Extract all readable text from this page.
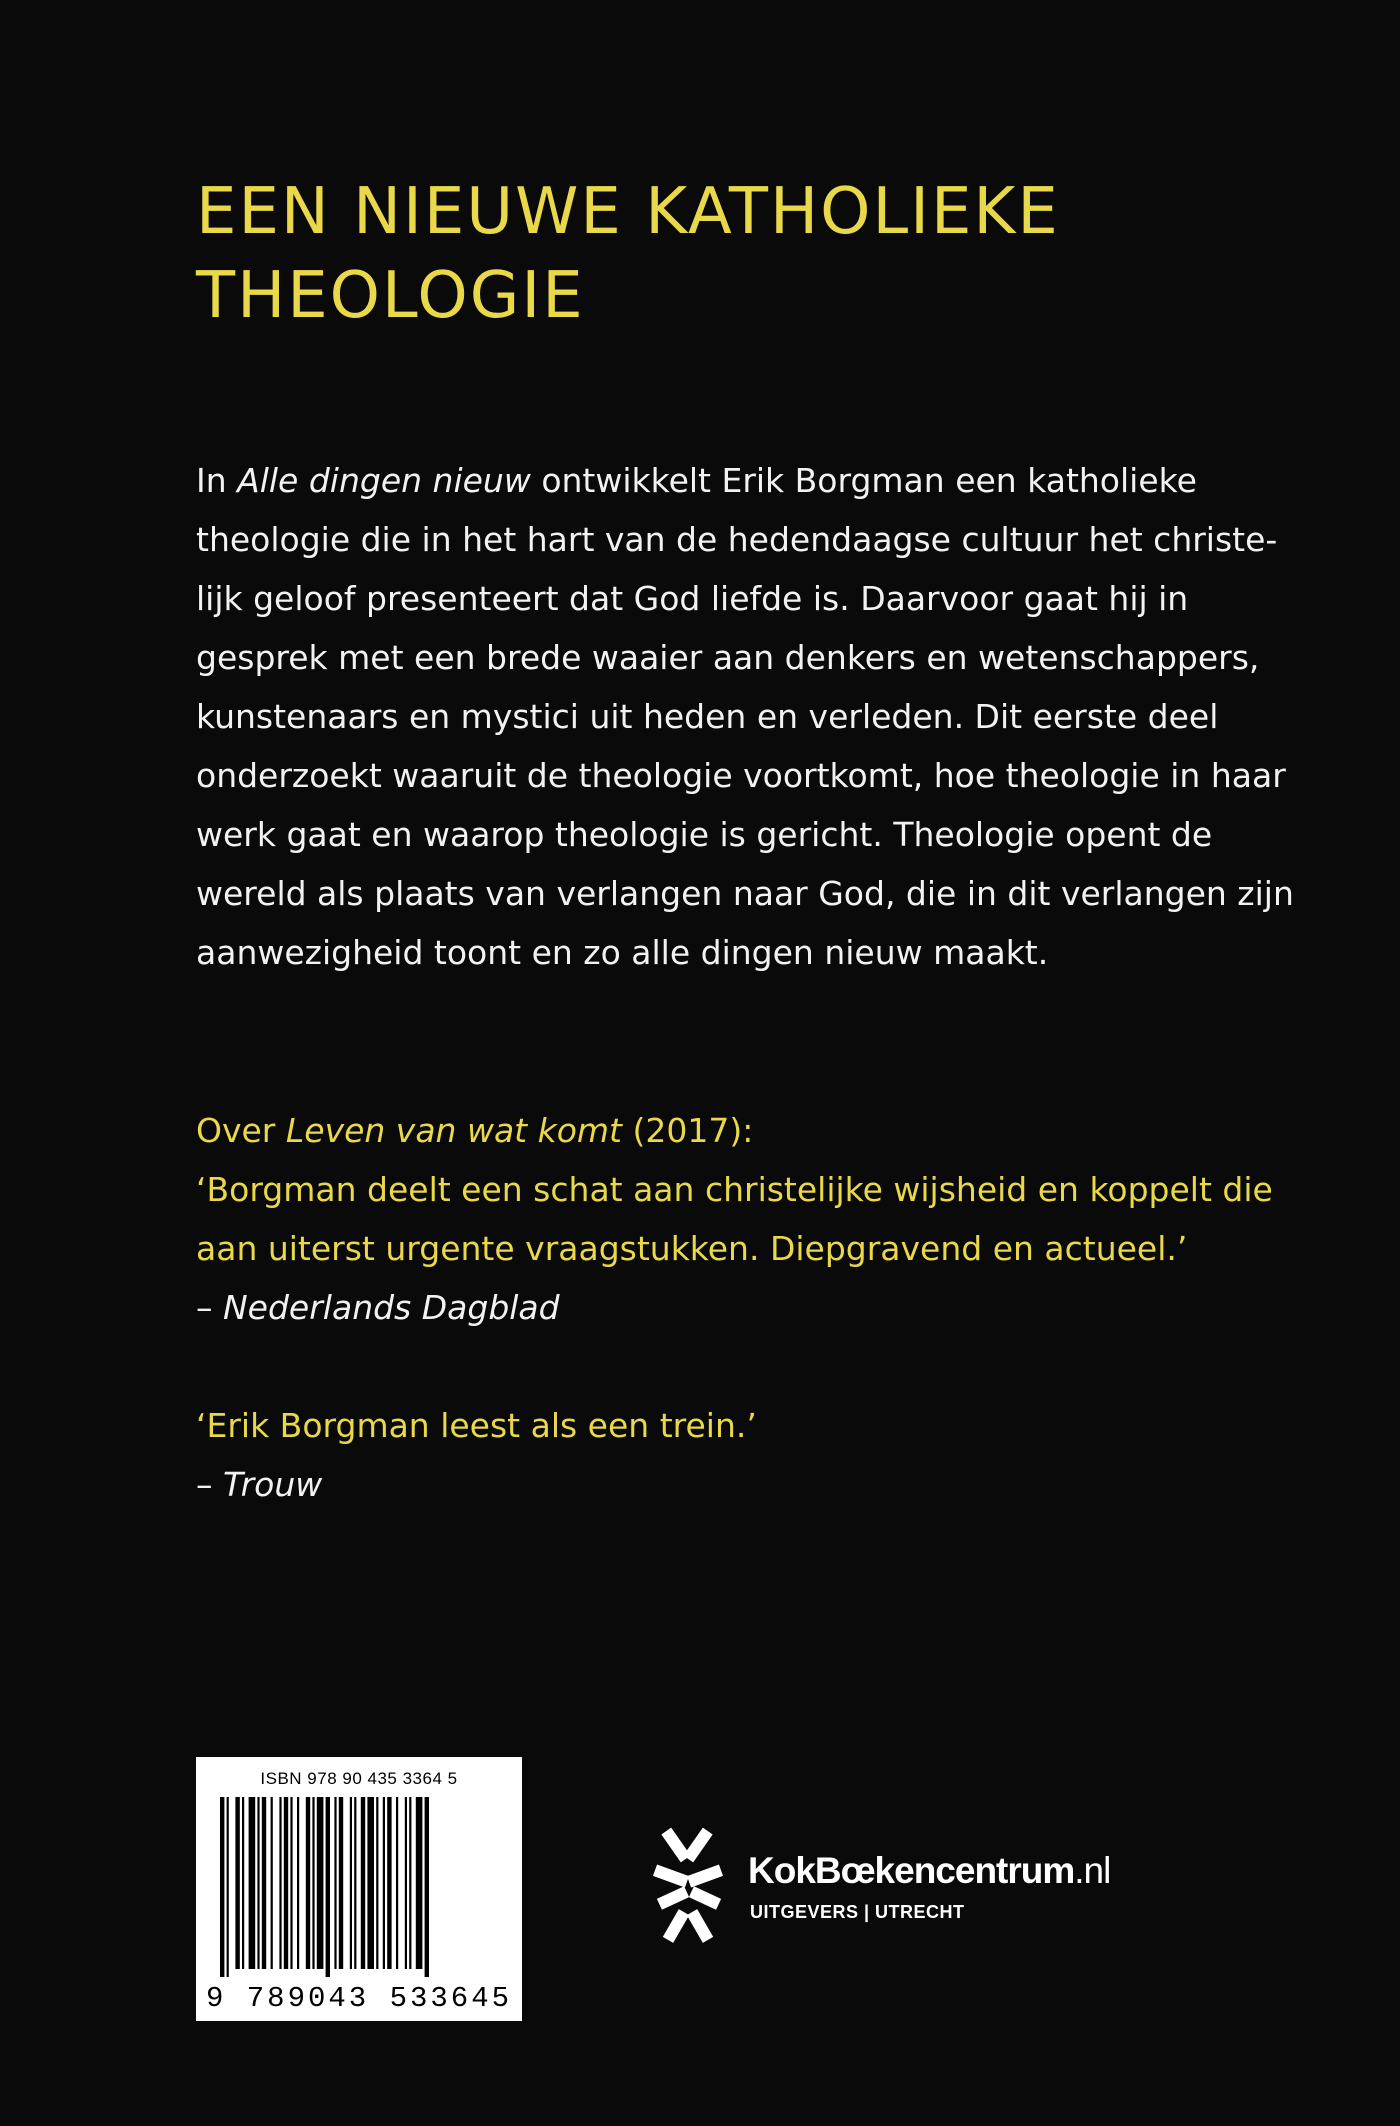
EEN NIEUWE KATHOLIEKE
THEOLOGIE
In Alle dingen nieuw ontwikkelt Erik Borgman een katholieke
theologie die in het hart van de hedendaagse cultuur het christe-
lijk geloof presenteert dat God liefde is. Daarvoor gaat hij in
gesprek met een brede waaier aan denkers en wetenschappers,
kunstenaars en mystici uit heden en verleden. Dit eerste deel
onderzoekt waaruit de theologie voortkomt, hoe theologie in haar
werk gaat en waarop theologie is gericht. Theologie opent de
wereld als plaats van verlangen naar God, die in dit verlangen zijn
aanwezigheid toont en zo alle dingen nieuw maakt.
Over Leven van wat komt (2017):
‘Borgman deelt een schat aan christelijke wijsheid en koppelt die
aan uiterst urgente vraagstukken. Diepgravend en actueel.’
– Nederlands Dagblad
‘Erik Borgman leest als een trein.’
– Trouw
ISBN 978 90 435 3364 5
9 789043 533645
KokBœkencentrum.nl
UITGEVERS | UTRECHT
